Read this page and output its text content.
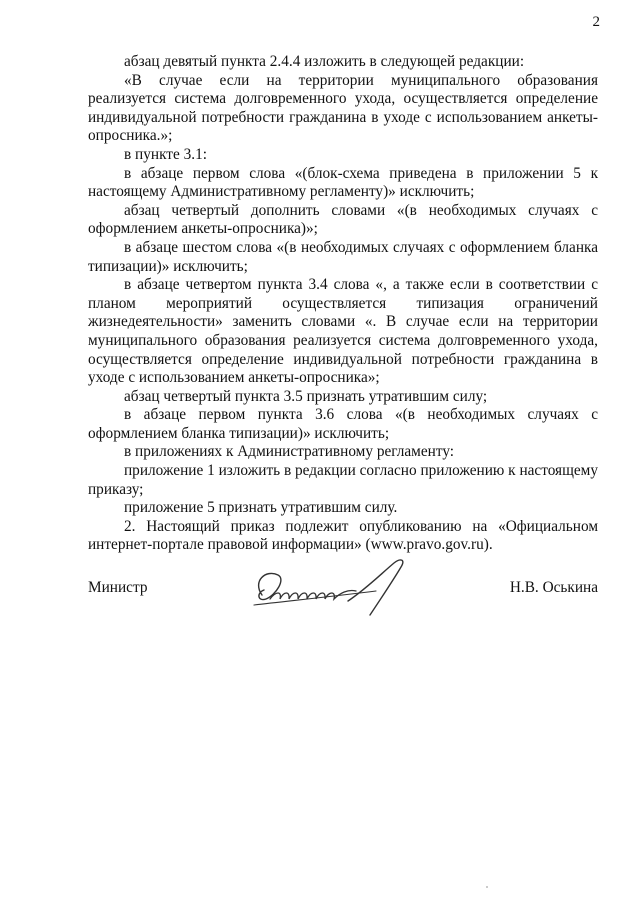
2

абзац девятый пункта 2.4.4 изложить в следующей редакции:

«В случае если на территории муниципального образования реализуется система долговременного ухода, осуществляется определение индивидуальной потребности гражданина в уходе с использованием анкеты-опросника.»;

в пункте 3.1:

в абзаце первом слова «(блок-схема приведена в приложении 5 к настоящему Административному регламенту)» исключить;

абзац четвертый дополнить словами «(в необходимых случаях с оформлением анкеты-опросника)»;

в абзаце шестом слова «(в необходимых случаях с оформлением бланка типизации)» исключить;

в абзаце четвертом пункта 3.4 слова «, а также если в соответствии с планом мероприятий осуществляется типизация ограничений жизнедеятельности» заменить словами «. В случае если на территории муниципального образования реализуется система долговременного ухода, осуществляется определение индивидуальной потребности гражданина в уходе с использованием анкеты-опросника»;

абзац четвертый пункта 3.5 признать утратившим силу;

в абзаце первом пункта 3.6 слова «(в необходимых случаях с оформлением бланка типизации)» исключить;

в приложениях к Административному регламенту:

приложение 1 изложить в редакции согласно приложению к настоящему приказу;

приложение 5 признать утратившим силу.

2. Настоящий приказ подлежит опубликованию на «Официальном интернет-портале правовой информации» (www.pravo.gov.ru).

Министр	Н.В. Оськина
